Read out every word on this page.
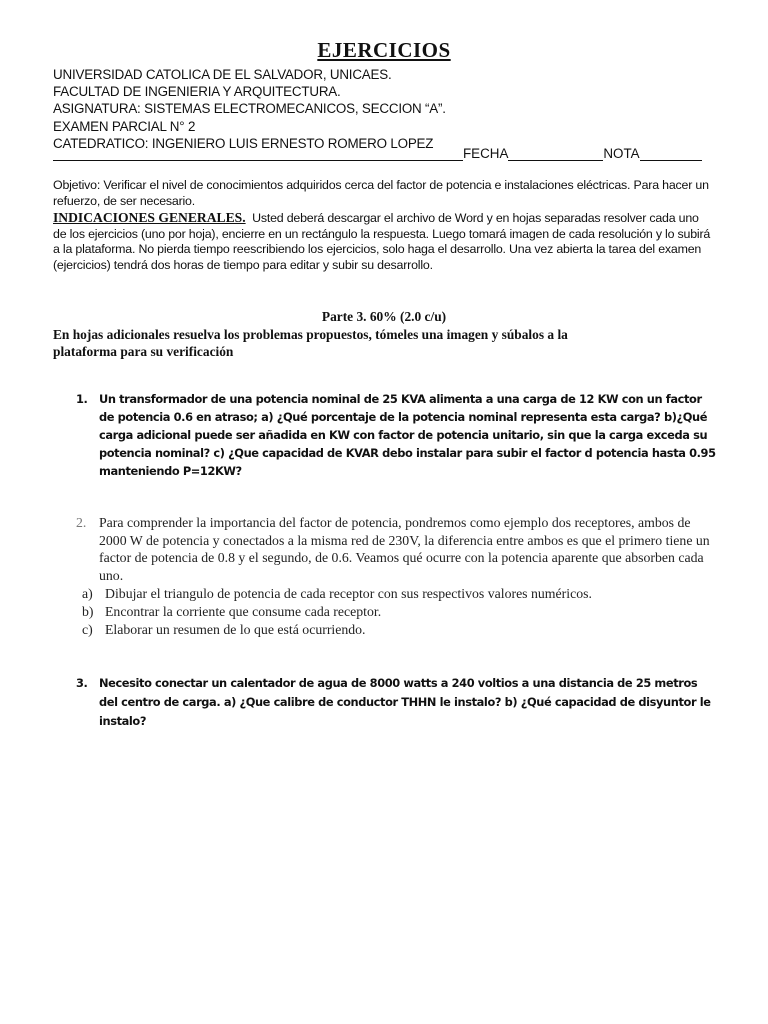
EJERCICIOS
UNIVERSIDAD CATOLICA DE EL SALVADOR, UNICAES.
FACULTAD DE INGENIERIA Y ARQUITECTURA.
ASIGNATURA: SISTEMAS ELECTROMECANICOS, SECCION “A”.
EXAMEN PARCIAL N° 2
CATEDRATICO: INGENIERO LUIS ERNESTO ROMERO LOPEZ
FECHA	NOTA
Objetivo: Verificar el nivel de conocimientos adquiridos cerca del factor de potencia e instalaciones eléctricas. Para hacer un refuerzo, de ser necesario.
INDICACIONES GENERALES. Usted deberá descargar el archivo de Word y en hojas separadas resolver cada uno de los ejercicios (uno por hoja), encierre en un rectángulo la respuesta. Luego tomará imagen de cada resolución y lo subirá a la plataforma. No pierda tiempo reescribiendo los ejercicios, solo haga el desarrollo. Una vez abierta la tarea del examen (ejercicios) tendrá dos horas de tiempo para editar y subir su desarrollo.
Parte 3. 60% (2.0 c/u)
En hojas adicionales resuelva los problemas propuestos, tómeles una imagen y súbalos a la plataforma para su verificación
1. Un transformador de una potencia nominal de 25 KVA alimenta a una carga de 12 KW con un factor de potencia 0.6 en atraso; a) ¿Qué porcentaje de la potencia nominal representa esta carga? b)¿Qué carga adicional puede ser añadida en KW con factor de potencia unitario, sin que la carga exceda su potencia nominal? c) ¿Que capacidad de KVAR debo instalar para subir el factor d potencia hasta 0.95 manteniendo P=12KW?
2. Para comprender la importancia del factor de potencia, pondremos como ejemplo dos receptores, ambos de 2000 W de potencia y conectados a la misma red de 230V, la diferencia entre ambos es que el primero tiene un factor de potencia de 0.8 y el segundo, de 0.6. Veamos qué ocurre con la potencia aparente que absorben cada uno.
a) Dibujar el triangulo de potencia de cada receptor con sus respectivos valores numéricos.
b) Encontrar la corriente que consume cada receptor.
c) Elaborar un resumen de lo que está ocurriendo.
3. Necesito conectar un calentador de agua de 8000 watts a 240 voltios a una distancia de 25 metros del centro de carga. a) ¿Que calibre de conductor THHN le instalo? b) ¿Qué capacidad de disyuntor le instalo?
